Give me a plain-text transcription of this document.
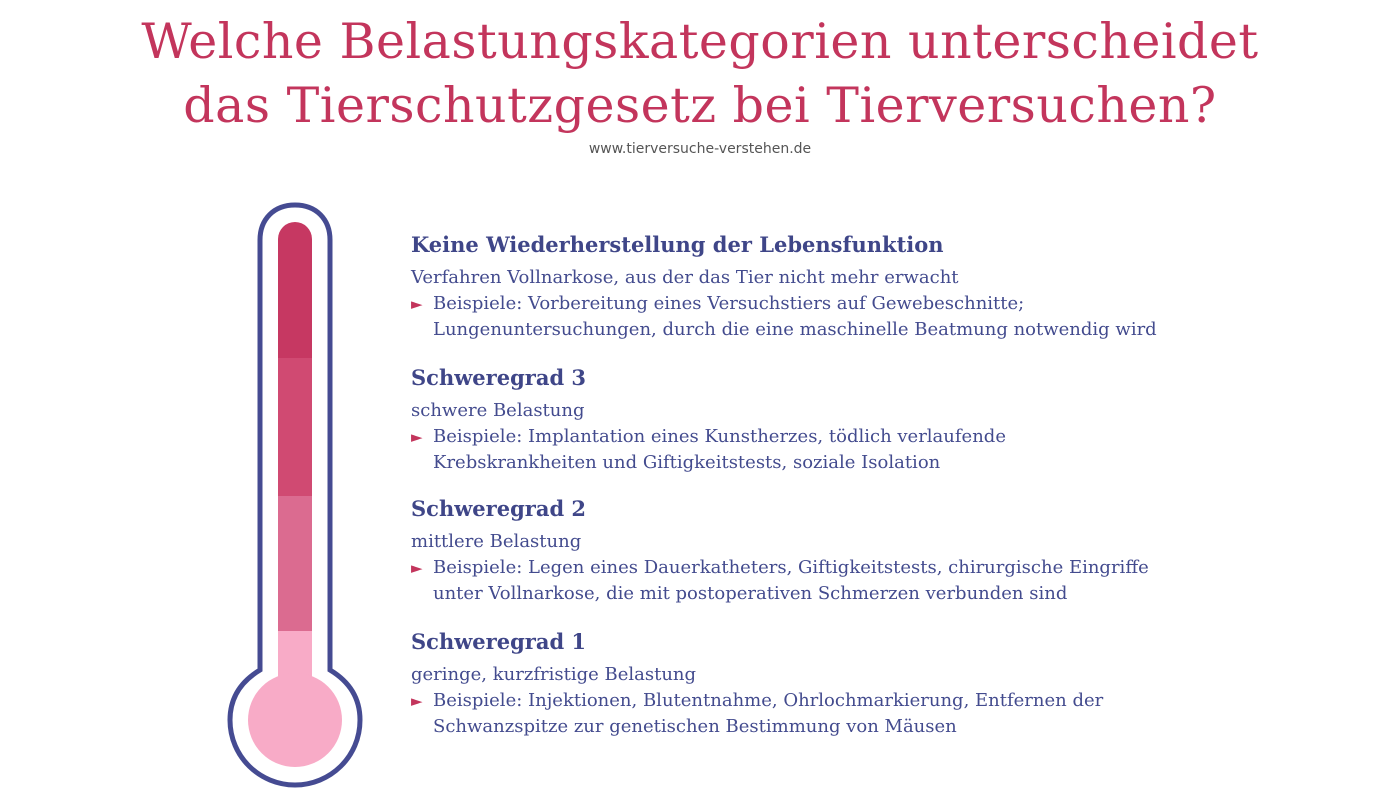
Welche Belastungskategorien unterscheidet
das Tierschutzgesetz bei Tierversuchen?
www.tierversuche-verstehen.de
Keine Wiederherstellung der Lebensfunktion
Verfahren Vollnarkose, aus der das Tier nicht mehr erwacht
► Beispiele: Vorbereitung eines Versuchstiers auf Gewebeschnitte;
Lungenuntersuchungen, durch die eine maschinelle Beatmung notwendig wird
Schweregrad 3
schwere Belastung
► Beispiele: Implantation eines Kunstherzes, tödlich verlaufende
Krebskrankheiten und Giftigkeitstests, soziale Isolation
Schweregrad 2
mittlere Belastung
► Beispiele: Legen eines Dauerkatheters, Giftigkeitstests, chirurgische Eingriffe
unter Vollnarkose, die mit postoperativen Schmerzen verbunden sind
Schweregrad 1
geringe, kurzfristige Belastung
► Beispiele: Injektionen, Blutentnahme, Ohrlochmarkierung, Entfernen der
Schwanzspitze zur genetischen Bestimmung von Mäusen
